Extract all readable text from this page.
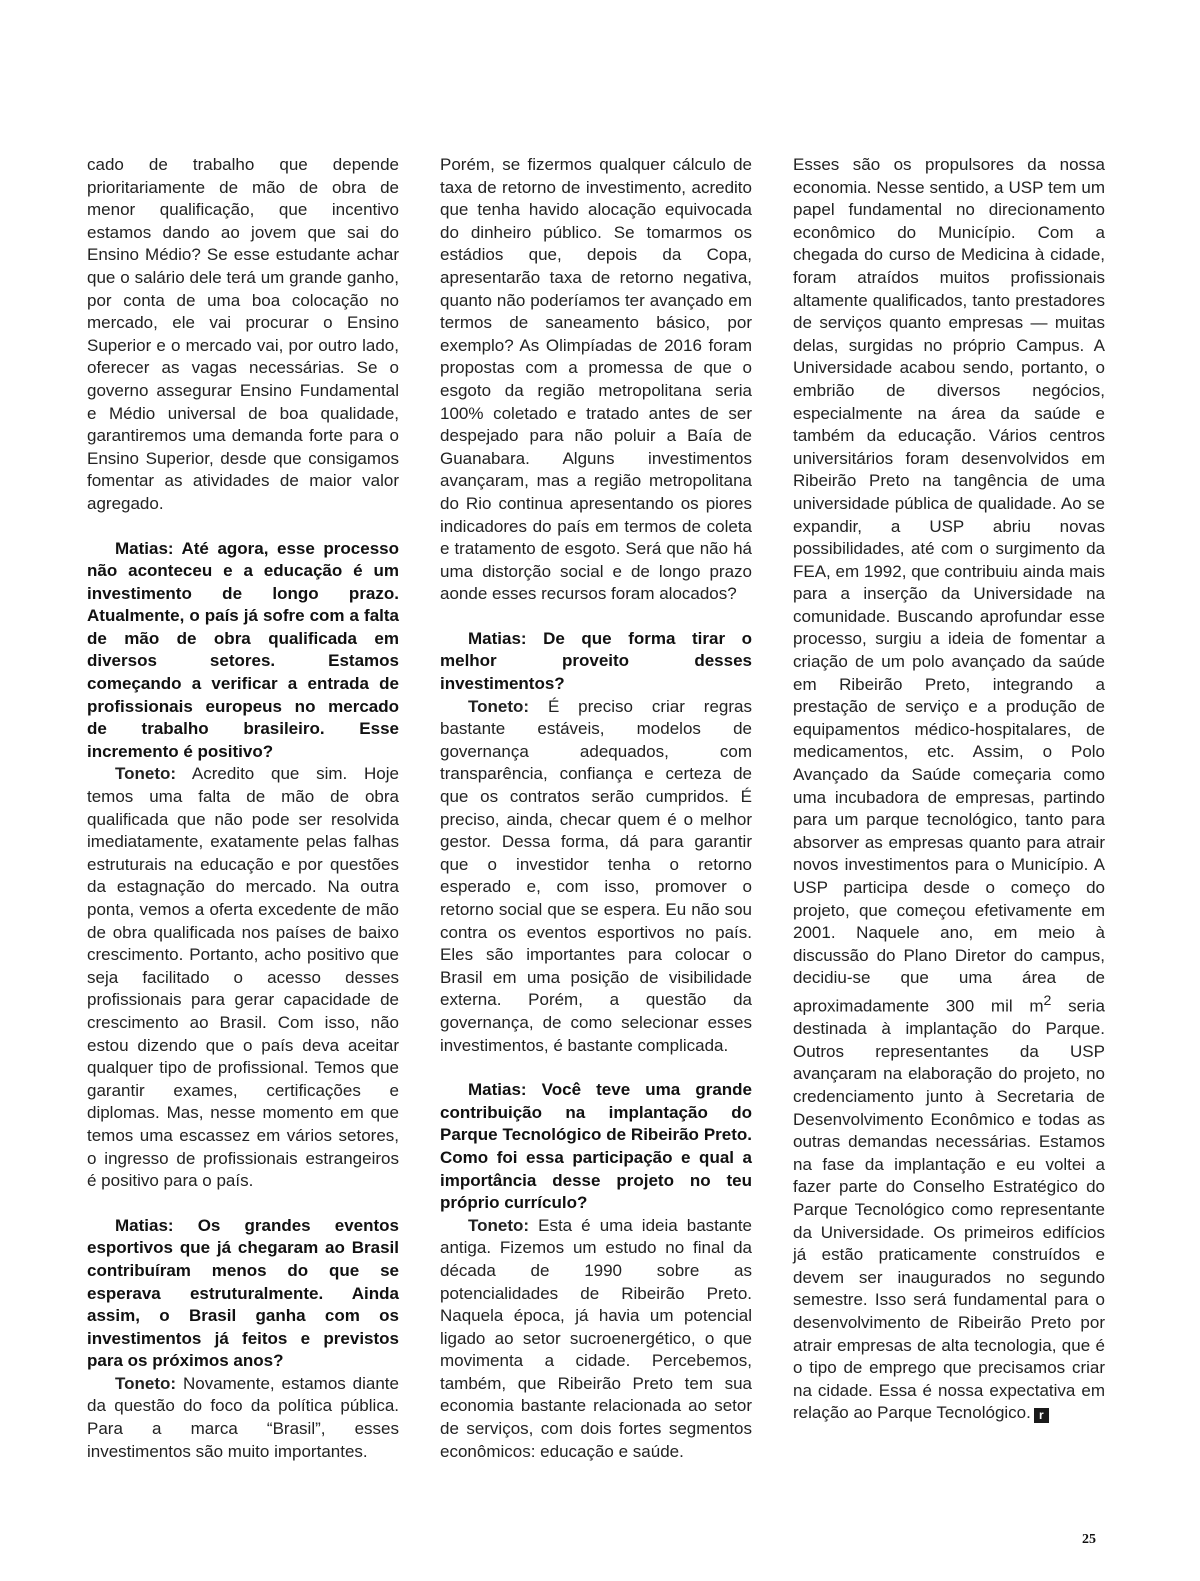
cado de trabalho que depende prioritariamente de mão de obra de menor qualificação, que incentivo estamos dando ao jovem que sai do Ensino Médio? Se esse estudante achar que o salário dele terá um grande ganho, por conta de uma boa colocação no mercado, ele vai procurar o Ensino Superior e o mercado vai, por outro lado, oferecer as vagas necessárias. Se o governo assegurar Ensino Fundamental e Médio universal de boa qualidade, garantiremos uma demanda forte para o Ensino Superior, desde que consigamos fomentar as atividades de maior valor agregado.

Matias: Até agora, esse processo não aconteceu e a educação é um investimento de longo prazo. Atualmente, o país já sofre com a falta de mão de obra qualificada em diversos setores. Estamos começando a verificar a entrada de profissionais europeus no mercado de trabalho brasileiro. Esse incremento é positivo?

Toneto: Acredito que sim. Hoje temos uma falta de mão de obra qualificada que não pode ser resolvida imediatamente, exatamente pelas falhas estruturais na educação e por questões da estagnação do mercado. Na outra ponta, vemos a oferta excedente de mão de obra qualificada nos países de baixo crescimento. Portanto, acho positivo que seja facilitado o acesso desses profissionais para gerar capacidade de crescimento ao Brasil. Com isso, não estou dizendo que o país deva aceitar qualquer tipo de profissional. Temos que garantir exames, certificações e diplomas. Mas, nesse momento em que temos uma escassez em vários setores, o ingresso de profissionais estrangeiros é positivo para o país.

Matias: Os grandes eventos esportivos que já chegaram ao Brasil contribuíram menos do que se esperava estruturalmente. Ainda assim, o Brasil ganha com os investimentos já feitos e previstos para os próximos anos?

Toneto: Novamente, estamos diante da questão do foco da política pública. Para a marca “Brasil”, esses investimentos são muito importantes.

Porém, se fizermos qualquer cálculo de taxa de retorno de investimento, acredito que tenha havido alocação equivocada do dinheiro público. Se tomarmos os estádios que, depois da Copa, apresentarão taxa de retorno negativa, quanto não poderíamos ter avançado em termos de saneamento básico, por exemplo? As Olimpíadas de 2016 foram propostas com a promessa de que o esgoto da região metropolitana seria 100% coletado e tratado antes de ser despejado para não poluir a Baía de Guanabara. Alguns investimentos avançaram, mas a região metropolitana do Rio continua apresentando os piores indicadores do país em termos de coleta e tratamento de esgoto. Será que não há uma distorção social e de longo prazo aonde esses recursos foram alocados?

Matias: De que forma tirar o melhor proveito desses investimentos?

Toneto: É preciso criar regras bastante estáveis, modelos de governança adequados, com transparência, confiança e certeza de que os contratos serão cumpridos. É preciso, ainda, checar quem é o melhor gestor. Dessa forma, dá para garantir que o investidor tenha o retorno esperado e, com isso, promover o retorno social que se espera. Eu não sou contra os eventos esportivos no país. Eles são importantes para colocar o Brasil em uma posição de visibilidade externa. Porém, a questão da governança, de como selecionar esses investimentos, é bastante complicada.

Matias: Você teve uma grande contribuição na implantação do Parque Tecnológico de Ribeirão Preto. Como foi essa participação e qual a importância desse projeto no teu próprio currículo?

Toneto: Esta é uma ideia bastante antiga. Fizemos um estudo no final da década de 1990 sobre as potencialidades de Ribeirão Preto. Naquela época, já havia um potencial ligado ao setor sucroenergético, o que movimenta a cidade. Percebemos, também, que Ribeirão Preto tem sua economia bastante relacionada ao setor de serviços, com dois fortes segmentos econômicos: educação e saúde.

Esses são os propulsores da nossa economia. Nesse sentido, a USP tem um papel fundamental no direcionamento econômico do Município. Com a chegada do curso de Medicina à cidade, foram atraídos muitos profissionais altamente qualificados, tanto prestadores de serviços quanto empresas — muitas delas, surgidas no próprio Campus. A Universidade acabou sendo, portanto, o embrião de diversos negócios, especialmente na área da saúde e também da educação. Vários centros universitários foram desenvolvidos em Ribeirão Preto na tangência de uma universidade pública de qualidade. Ao se expandir, a USP abriu novas possibilidades, até com o surgimento da FEA, em 1992, que contribuiu ainda mais para a inserção da Universidade na comunidade. Buscando aprofundar esse processo, surgiu a ideia de fomentar a criação de um polo avançado da saúde em Ribeirão Preto, integrando a prestação de serviço e a produção de equipamentos médico-hospitalares, de medicamentos, etc. Assim, o Polo Avançado da Saúde começaria como uma incubadora de empresas, partindo para um parque tecnológico, tanto para absorver as empresas quanto para atrair novos investimentos para o Município. A USP participa desde o começo do projeto, que começou efetivamente em 2001. Naquele ano, em meio à discussão do Plano Diretor do campus, decidiu-se que uma área de aproximadamente 300 mil $m^2$ seria destinada à implantação do Parque. Outros representantes da USP avançaram na elaboração do projeto, no credenciamento junto à Secretaria de Desenvolvimento Econômico e todas as outras demandas necessárias. Estamos na fase da implantação e eu voltei a fazer parte do Conselho Estratégico do Parque Tecnológico como representante da Universidade. Os primeiros edifícios já estão praticamente construídos e devem ser inaugurados no segundo semestre. Isso será fundamental para o desenvolvimento de Ribeirão Preto por atrair empresas de alta tecnologia, que é o tipo de emprego que precisamos criar na cidade. Essa é nossa expectativa em relação ao Parque Tecnológico. r

25
